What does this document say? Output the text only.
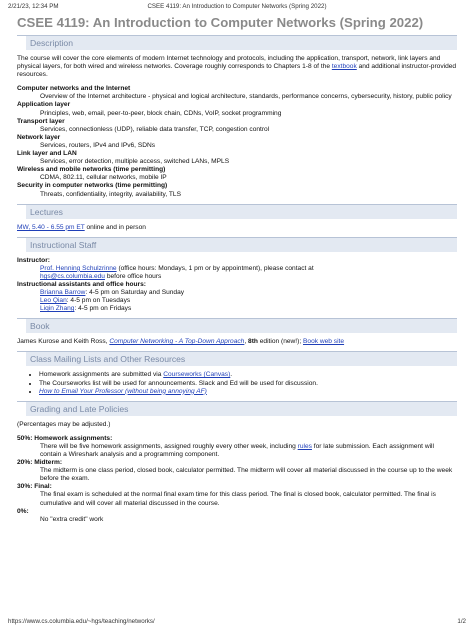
2/21/23, 12:34 PM	CSEE 4119: An Introduction to Computer Networks (Spring 2022)
CSEE 4119: An Introduction to Computer Networks (Spring 2022)
Description

The course will cover the core elements of modern Internet technology and protocols, including the application, transport, network, link layers and physical layers, for both wired and wireless networks. Coverage roughly corresponds to Chapters 1-8 of the textbook and additional instructor-provided resources.

Computer networks and the Internet
Overview of the Internet architecture - physical and logical architecture, standards, performance concerns, cybersecurity, history, public policy
Application layer
Principles, web, email, peer-to-peer, block chain, CDNs, VoIP, socket programming
Transport layer
Services, connectionless (UDP), reliable data transfer, TCP, congestion control
Network layer
Services, routers, IPv4 and IPv6, SDNs
Link layer and LAN
Services, error detection, multiple access, switched LANs, MPLS
Wireless and mobile networks (time permitting)
CDMA, 802.11, cellular networks, mobile IP
Security in computer networks (time permitting)
Threats, confidentiality, integrity, availability, TLS
Lectures
MW, 5.40 - 6.55 pm ET online and in person
Instructional Staff
Instructor:
Prof. Henning Schulzrinne (office hours: Mondays, 1 pm or by appointment), please contact at
hgs@cs.columbia.edu before office hours
Instructional assistants and office hours:
Brianna Barrow: 4-5 pm on Saturday and Sunday
Leo Qian: 4-5 pm on Tuesdays
Liqin Zhang: 4-5 pm on Fridays
Book
James Kurose and Keith Ross, Computer Networking - A Top-Down Approach, 8th edition (new!); Book web site
Class Mailing Lists and Other Resources
• Homework assignments are submitted via Courseworks (Canvas).
• The Courseworks list will be used for announcements. Slack and Ed will be used for discussion.
• How to Email Your Professor (without being annoying AF)
Grading and Late Policies

(Percentages may be adjusted.)

50%: Homework assignments:
There will be five homework assignments, assigned roughly every other week, including rules for late submission. Each assignment will contain a Wireshark analysis and a programming component.
20%: Midterm:
The midterm is one class period, closed book, calculator permitted. The midterm will cover all material discussed in the course up to the week before the exam.
30%: Final:
The final exam is scheduled at the normal final exam time for this class period. The final is closed book, calculator permitted. The final is cumulative and will cover all material discussed in the course.
0%:
No "extra credit" work
https://www.cs.columbia.edu/~hgs/teaching/networks/	1/2
